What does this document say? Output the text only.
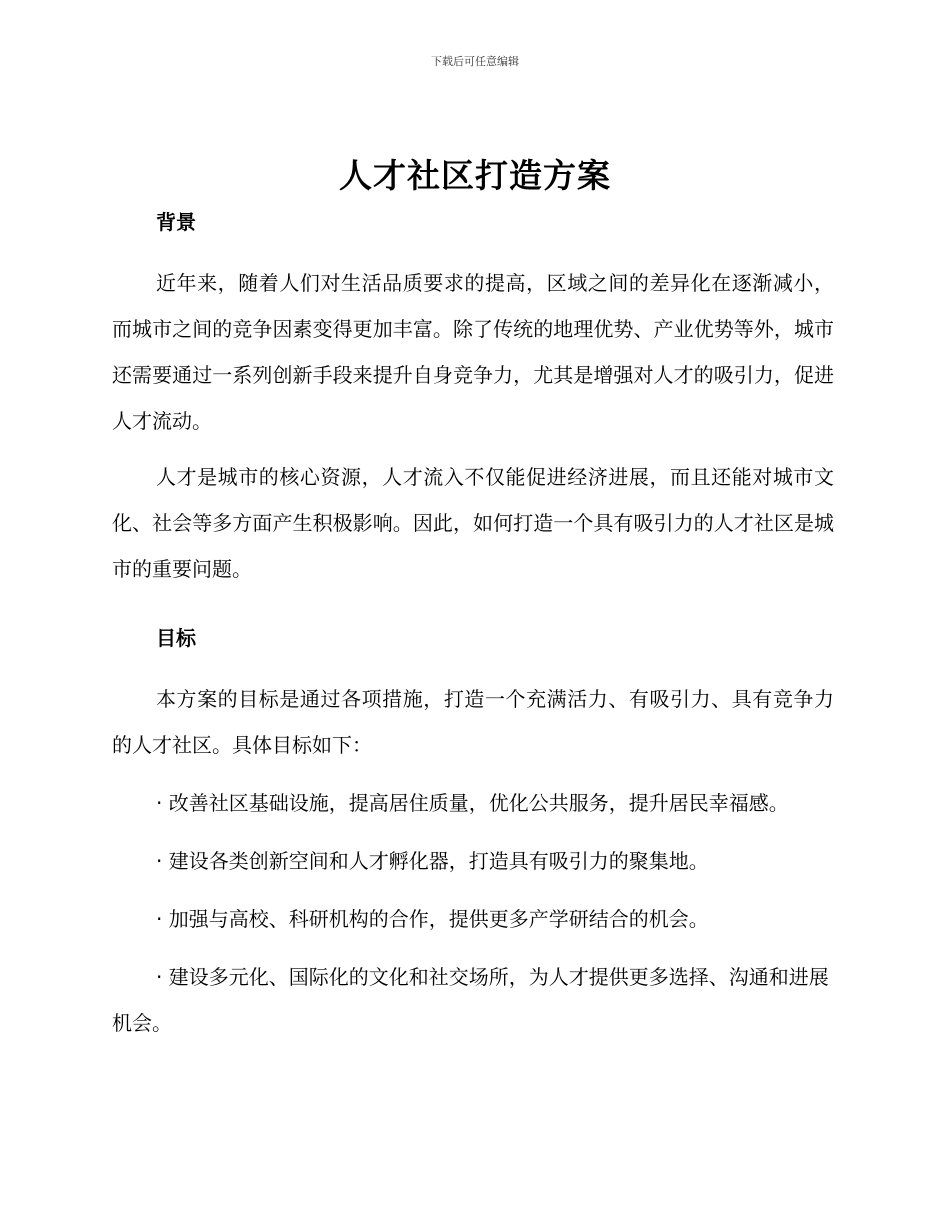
下载后可任意编辑
人才社区打造方案
背景

近年来，随着人们对生活品质要求的提高，区域之间的差异化在逐渐减小，而城市之间的竞争因素变得更加丰富。除了传统的地理优势、产业优势等外，城市还需要通过一系列创新手段来提升自身竞争力，尤其是增强对人才的吸引力，促进人才流动。

人才是城市的核心资源，人才流入不仅能促进经济进展，而且还能对城市文化、社会等多方面产生积极影响。因此，如何打造一个具有吸引力的人才社区是城市的重要问题。

目标

本方案的目标是通过各项措施，打造一个充满活力、有吸引力、具有竞争力的人才社区。具体目标如下：

· 改善社区基础设施，提高居住质量，优化公共服务，提升居民幸福感。

· 建设各类创新空间和人才孵化器，打造具有吸引力的聚集地。

· 加强与高校、科研机构的合作，提供更多产学研结合的机会。

· 建设多元化、国际化的文化和社交场所，为人才提供更多选择、沟通和进展机会。
